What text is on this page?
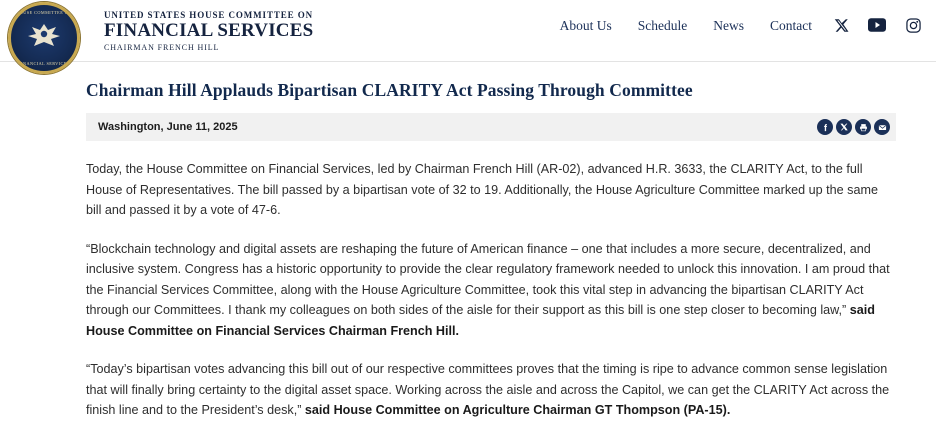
HOUSE COMMITTEE ON
FINANCIAL SERVICES
UNITED STATES HOUSE COMMITTEE ON
FINANCIAL SERVICES
CHAIRMAN FRENCH HILL
About Us Schedule News Contact
Chairman Hill Applauds Bipartisan CLARITY Act Passing Through Committee
Washington, June 11, 2025

Today, the House Committee on Financial Services, led by Chairman French Hill (AR-02), advanced H.R. 3633, the CLARITY Act, to the full House of Representatives. The bill passed by a bipartisan vote of 32 to 19. Additionally, the House Agriculture Committee marked up the same bill and passed it by a vote of 47-6.

“Blockchain technology and digital assets are reshaping the future of American finance – one that includes a more secure, decentralized, and inclusive system. Congress has a historic opportunity to provide the clear regulatory framework needed to unlock this innovation. I am proud that the Financial Services Committee, along with the House Agriculture Committee, took this vital step in advancing the bipartisan CLARITY Act through our Committees. I thank my colleagues on both sides of the aisle for their support as this bill is one step closer to becoming law,” said House Committee on Financial Services Chairman French Hill.

“Today’s bipartisan votes advancing this bill out of our respective committees proves that the timing is ripe to advance common sense legislation that will finally bring certainty to the digital asset space. Working across the aisle and across the Capitol, we can get the CLARITY Act across the finish line and to the President’s desk,” said House Committee on Agriculture Chairman GT Thompson (PA-15).
